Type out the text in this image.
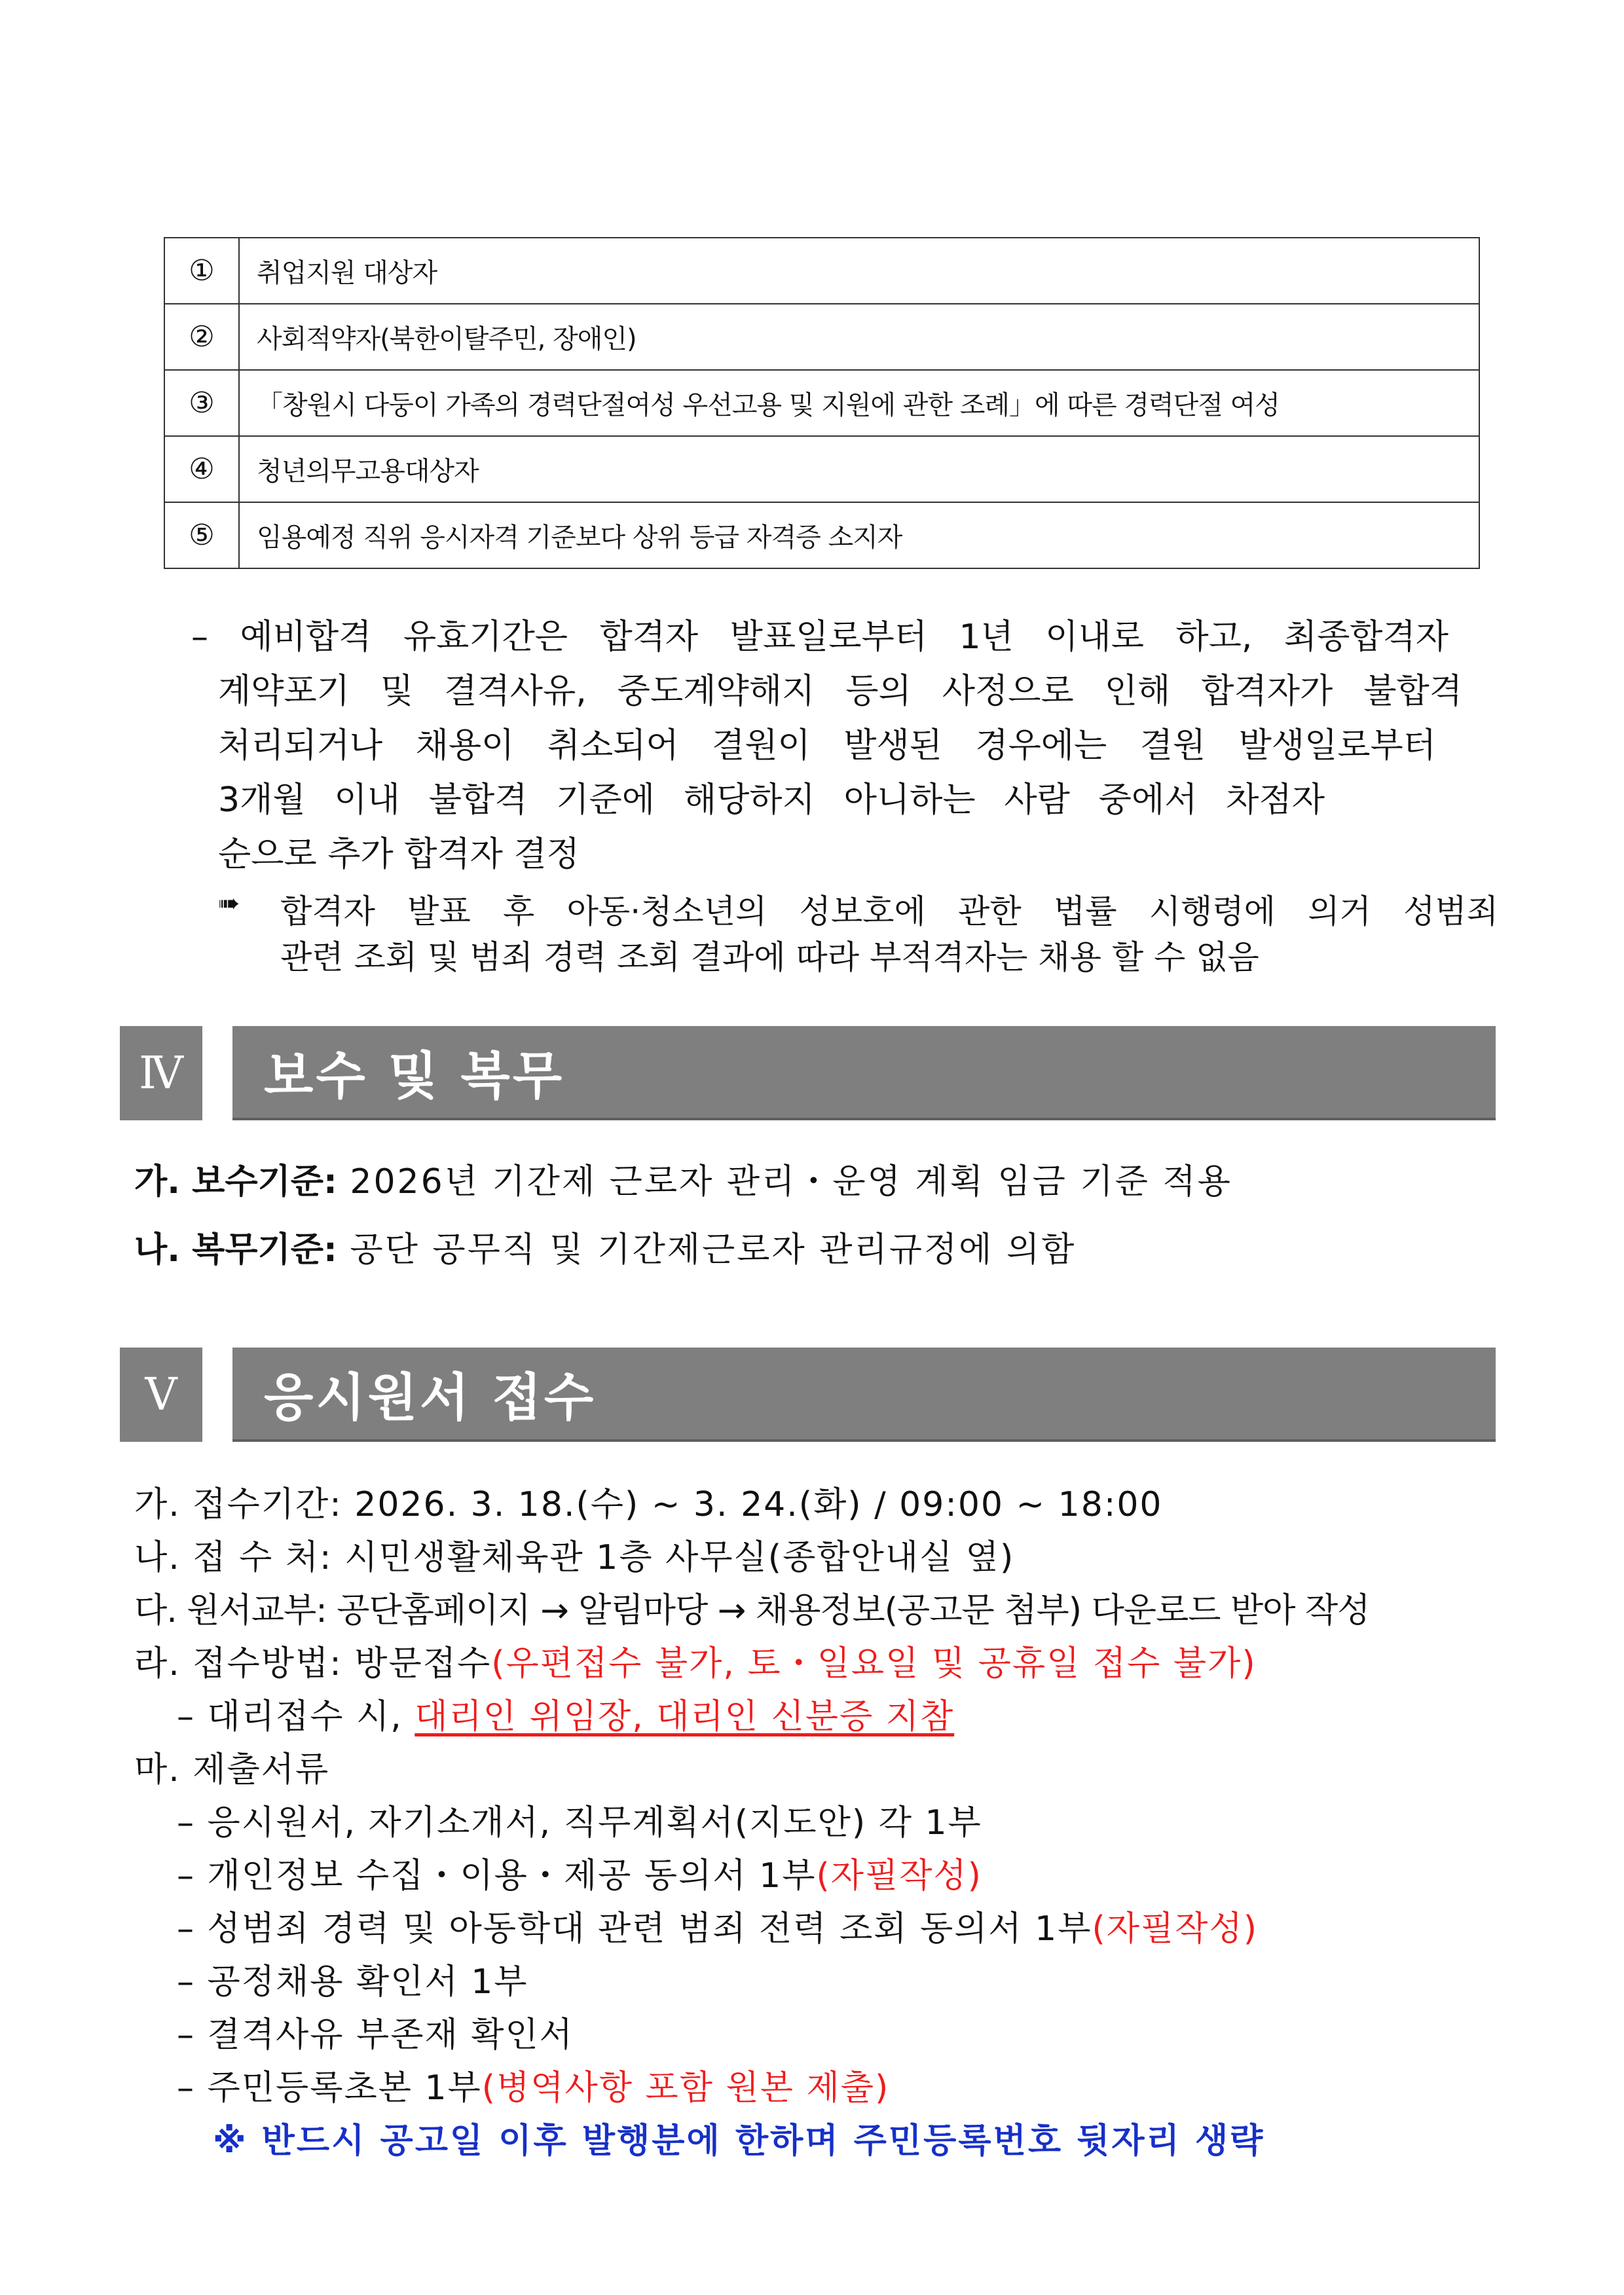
①	취업지원 대상자
②	사회적약자(북한이탈주민, 장애인)
③	「창원시 다둥이 가족의 경력단절여성 우선고용 및 지원에 관한 조례」에 따른 경력단절 여성
④	청년의무고용대상자
⑤	임용예정 직위 응시자격 기준보다 상위 등급 자격증 소지자
– 예비합격 유효기간은 합격자 발표일로부터 1년 이내로 하고, 최종합격자
계약포기 및 결격사유, 중도계약해지 등의 사정으로 인해 합격자가 불합격
처리되거나 채용이 취소되어 결원이 발생된 경우에는 결원 발생일로부터
3개월 이내 불합격 기준에 해당하지 아니하는 사람 중에서 차점자
순으로 추가 합격자 결정
➠ 합격자 발표 후 아동·청소년의 성보호에 관한 법률 시행령에 의거 성범죄
관련 조회 및 범죄 경력 조회 결과에 따라 부적격자는 채용 할 수 없음
Ⅳ	보수 및 복무
가. 보수기준: 2026년 기간제 근로자 관리・운영 계획 임금 기준 적용
나. 복무기준: 공단 공무직 및 기간제근로자 관리규정에 의함
Ⅴ	응시원서 접수
가. 접수기간: 2026. 3. 18.(수) ~ 3. 24.(화) / 09:00 ~ 18:00
나. 접 수 처: 시민생활체육관 1층 사무실(종합안내실 옆)
다. 원서교부: 공단홈페이지 → 알림마당 → 채용정보(공고문 첨부) 다운로드 받아 작성
라. 접수방법: 방문접수(우편접수 불가, 토・일요일 및 공휴일 접수 불가)
– 대리접수 시, 대리인 위임장, 대리인 신분증 지참
마. 제출서류
– 응시원서, 자기소개서, 직무계획서(지도안) 각 1부
– 개인정보 수집・이용・제공 동의서 1부(자필작성)
– 성범죄 경력 및 아동학대 관련 범죄 전력 조회 동의서 1부(자필작성)
– 공정채용 확인서 1부
– 결격사유 부존재 확인서
– 주민등록초본 1부(병역사항 포함 원본 제출)
※ 반드시 공고일 이후 발행분에 한하며 주민등록번호 뒷자리 생략
